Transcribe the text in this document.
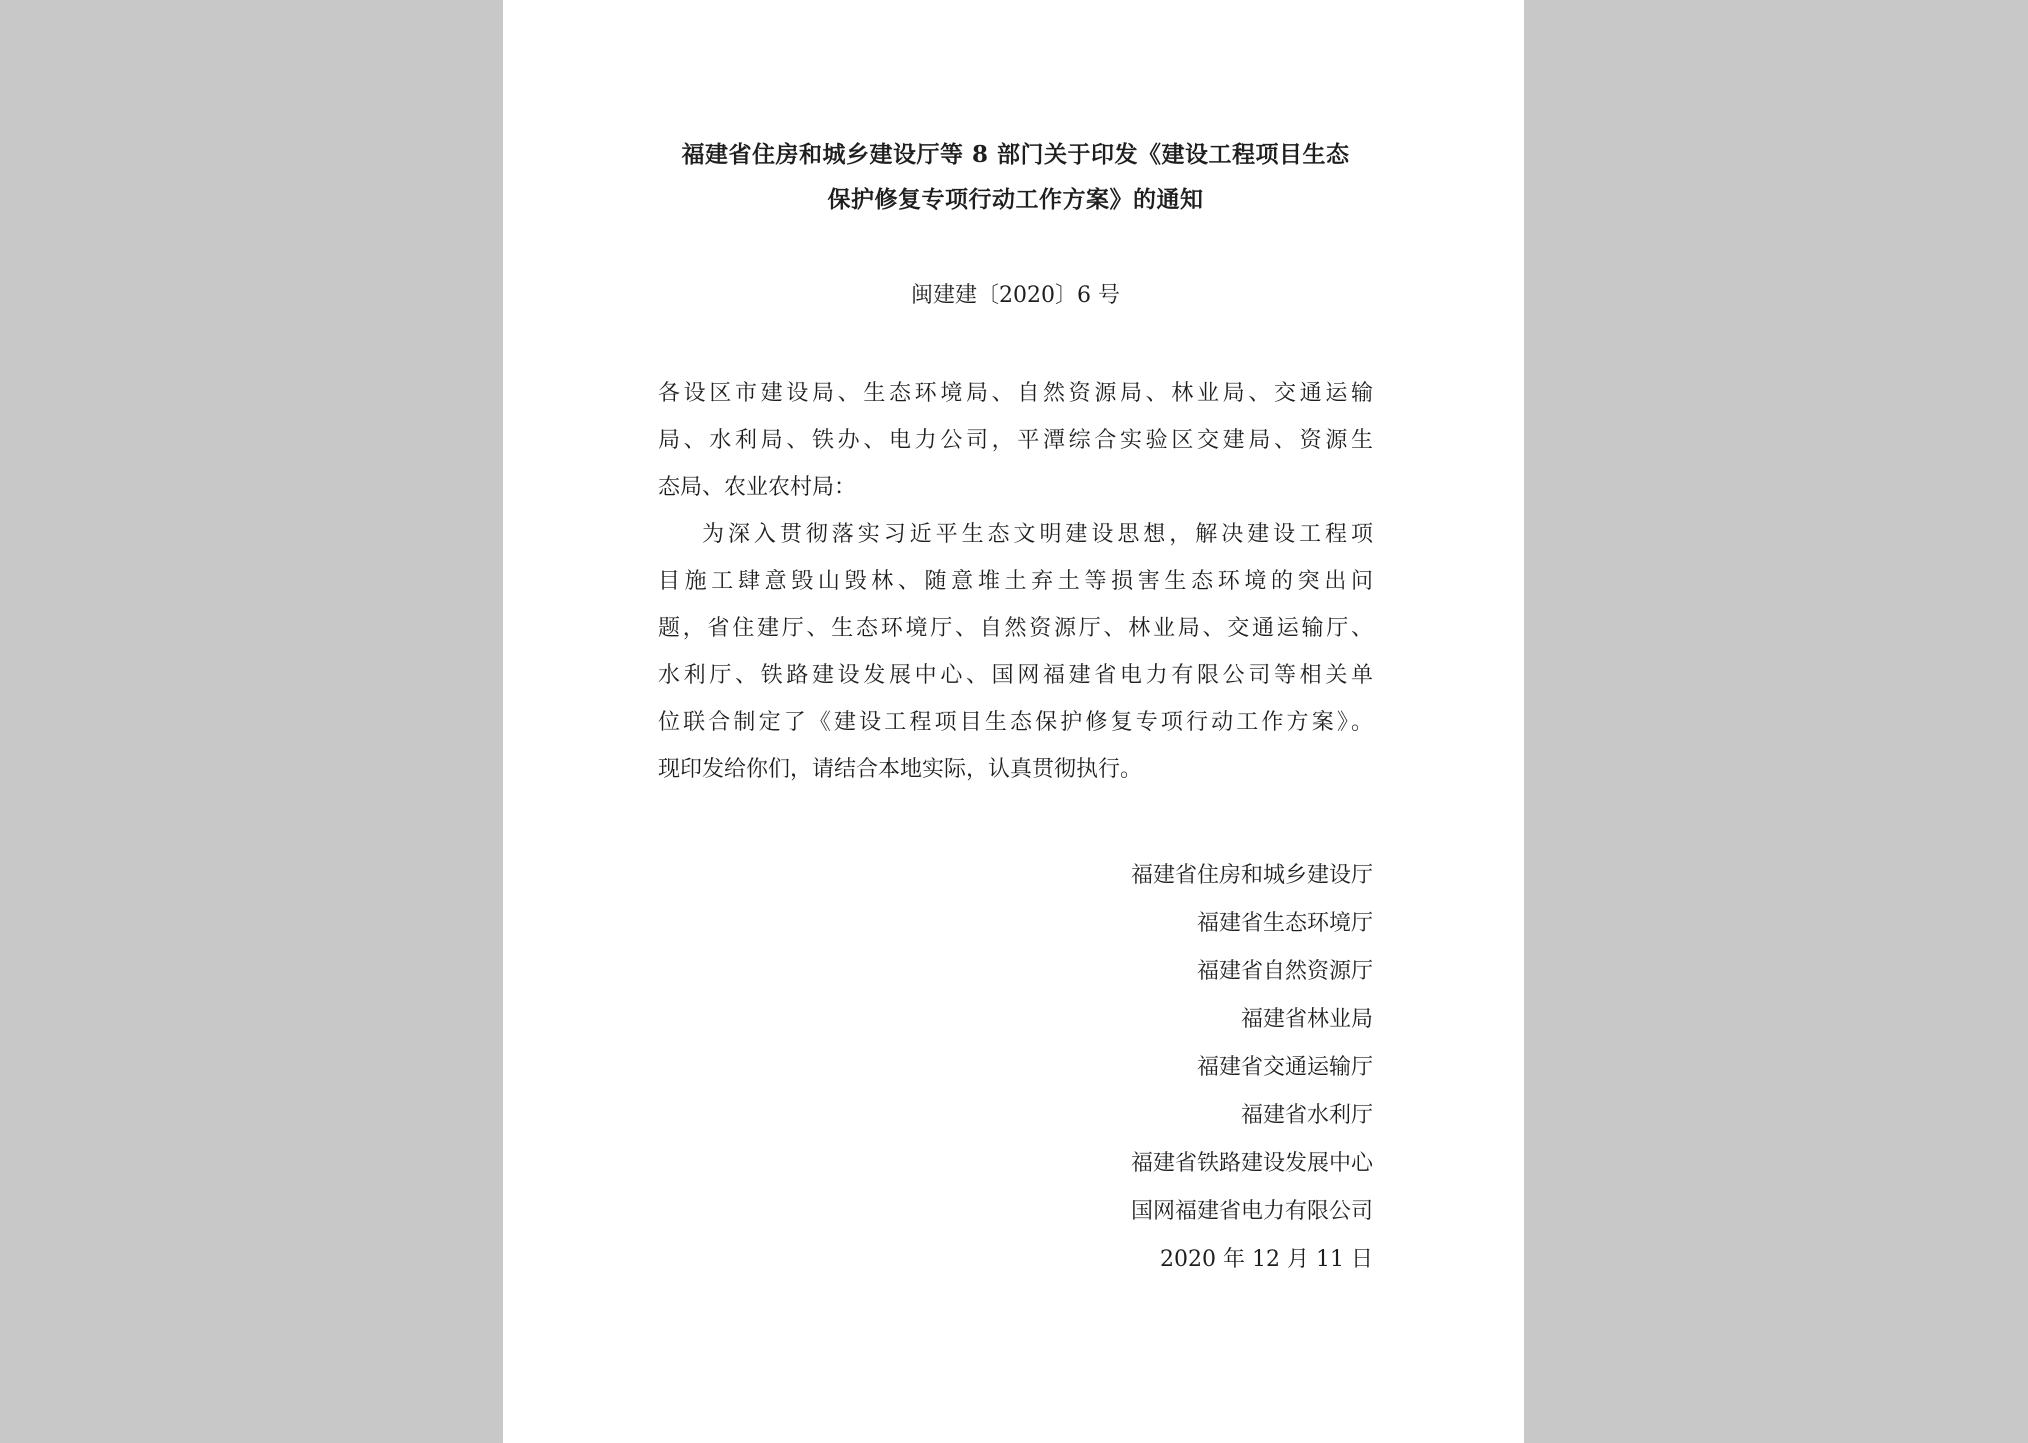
福建省住房和城乡建设厅等 8 部门关于印发《建设工程项目生态
保护修复专项行动工作方案》的通知
闽建建〔2020〕6 号
各设区市建设局、生态环境局、自然资源局、林业局、交通运输
局、水利局、铁办、电力公司，平潭综合实验区交建局、资源生
态局、农业农村局：
为深入贯彻落实习近平生态文明建设思想，解决建设工程项
目施工肆意毁山毁林、随意堆土弃土等损害生态环境的突出问
题，省住建厅、生态环境厅、自然资源厅、林业局、交通运输厅、
水利厅、铁路建设发展中心、国网福建省电力有限公司等相关单
位联合制定了《建设工程项目生态保护修复专项行动工作方案》。
现印发给你们，请结合本地实际，认真贯彻执行。
福建省住房和城乡建设厅
福建省生态环境厅
福建省自然资源厅
福建省林业局
福建省交通运输厅
福建省水利厅
福建省铁路建设发展中心
国网福建省电力有限公司
2020 年 12 月 11 日
